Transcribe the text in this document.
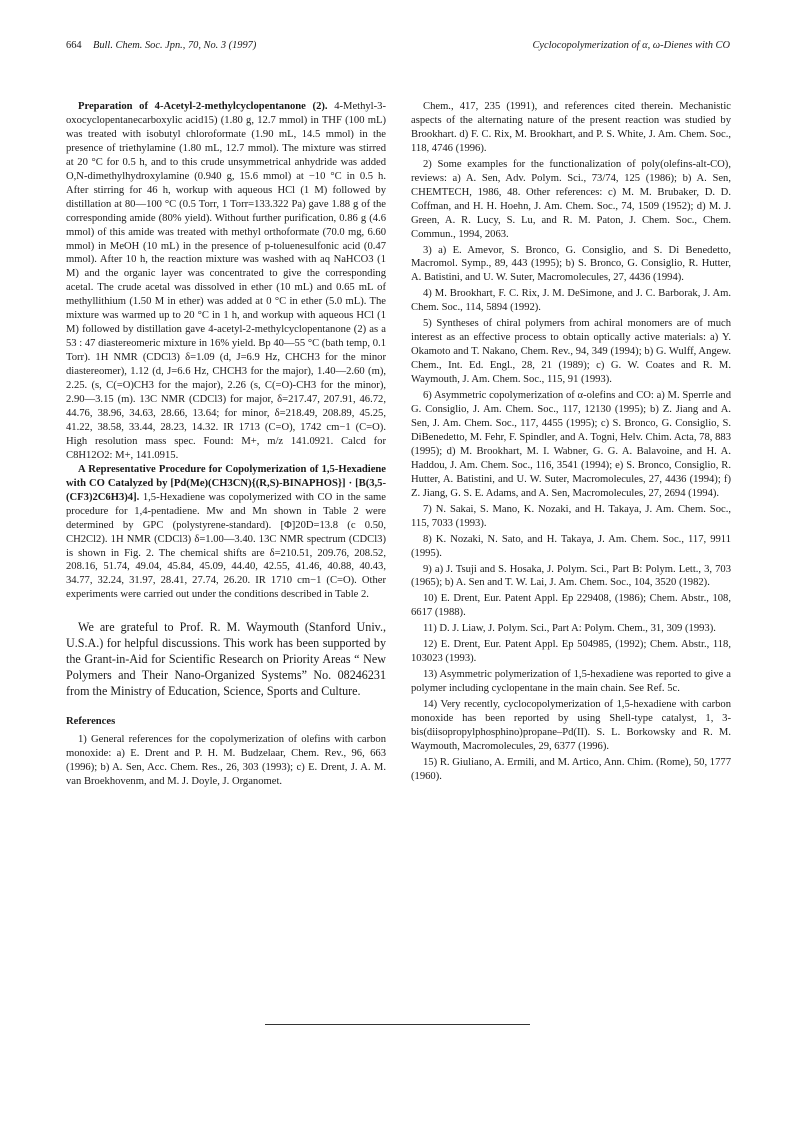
664 Bull. Chem. Soc. Jpn., 70, No. 3 (1997)	Cyclocopolymerization of α, ω-Dienes with CO

Preparation of 4-Acetyl-2-methylcyclopentanone (2). 4-Methyl-3-oxocyclopentanecarboxylic acid15) (1.80 g, 12.7 mmol) in THF (100 mL) was treated with isobutyl chloroformate (1.90 mL, 14.5 mmol) in the presence of triethylamine (1.80 mL, 12.7 mmol). The mixture was stirred at 20 °C for 0.5 h, and to this crude unsymmetrical anhydride was added O,N-dimethylhydroxylamine (0.940 g, 15.6 mmol) at −10 °C in 0.5 h. After stirring for 46 h, workup with aqueous HCl (1 M) followed by distillation at 80—100 °C (0.5 Torr, 1 Torr=133.322 Pa) gave 1.88 g of the corresponding amide (80% yield). Without further purification, 0.86 g (4.6 mmol) of this amide was treated with methyl orthoformate (70.0 mg, 6.60 mmol) in MeOH (10 mL) in the presence of p-toluenesulfonic acid (0.47 mmol). After 10 h, the reaction mixture was washed with aq NaHCO3 (1 M) and the organic layer was concentrated to give the corresponding acetal. The crude acetal was dissolved in ether (10 mL) and 0.65 mL of methyllithium (1.50 M in ether) was added at 0 °C in ether (5.0 mL). The mixture was warmed up to 20 °C in 1 h, and workup with aqueous HCl (1 M) followed by distillation gave 4-acetyl-2-methylcyclopentanone (2) as a 53 : 47 diastereomeric mixture in 16% yield. Bp 40—55 °C (bath temp, 0.1 Torr). 1H NMR (CDCl3) δ=1.09 (d, J=6.9 Hz, CHCH3 for the minor diastereomer), 1.12 (d, J=6.6 Hz, CHCH3 for the major), 1.40—2.60 (m), 2.25. (s, C(=O)CH3 for the major), 2.26 (s, C(=O)-CH3 for the minor), 2.90—3.15 (m). 13C NMR (CDCl3) for major, δ=217.47, 207.91, 46.72, 44.76, 38.96, 34.63, 28.66, 13.64; for minor, δ=218.49, 208.89, 45.25, 41.22, 38.58, 33.44, 28.23, 14.32. IR 1713 (C=O), 1742 cm−1 (C=O). High resolution mass spec. Found: M+, m/z 141.0921. Calcd for C8H12O2: M+, 141.0915.

A Representative Procedure for Copolymerization of 1,5-Hexadiene with CO Catalyzed by [Pd(Me)(CH3CN){(R,S)-BINAPHOS}] · [B(3,5-(CF3)2C6H3)4]. 1,5-Hexadiene was copolymerized with CO in the same procedure for 1,4-pentadiene. Mw and Mn shown in Table 2 were determined by GPC (polystyrene-standard). [Φ]20D=13.8 (c 0.50, CH2Cl2). 1H NMR (CDCl3) δ=1.00—3.40. 13C NMR spectrum (CDCl3) is shown in Fig. 2. The chemical shifts are δ=210.51, 209.76, 208.52, 208.16, 51.74, 49.04, 45.84, 45.09, 44.40, 42.55, 41.46, 40.88, 40.43, 34.77, 32.24, 31.97, 28.41, 27.74, 26.20. IR 1710 cm−1 (C=O). Other experiments were carried out under the conditions described in Table 2.

We are grateful to Prof. R. M. Waymouth (Stanford Univ., U.S.A.) for helpful discussions. This work has been supported by the Grant-in-Aid for Scientific Research on Priority Areas “ New Polymers and Their Nano-Organized Systems” No. 08246231 from the Ministry of Education, Science, Sports and Culture.

References

1) General references for the copolymerization of olefins with carbon monoxide: a) E. Drent and P. H. M. Budzelaar, Chem. Rev., 96, 663 (1996); b) A. Sen, Acc. Chem. Res., 26, 303 (1993); c) E. Drent, J. A. M. van Broekhovenm, and M. J. Doyle, J. Organomet.

Chem., 417, 235 (1991), and references cited therein. Mechanistic aspects of the alternating nature of the present reaction was studied by Brookhart. d) F. C. Rix, M. Brookhart, and P. S. White, J. Am. Chem. Soc., 118, 4746 (1996).

2) Some examples for the functionalization of poly(olefins-alt-CO), reviews: a) A. Sen, Adv. Polym. Sci., 73/74, 125 (1986); b) A. Sen, CHEMTECH, 1986, 48. Other references: c) M. M. Brubaker, D. D. Coffman, and H. H. Hoehn, J. Am. Chem. Soc., 74, 1509 (1952); d) M. J. Green, A. R. Lucy, S. Lu, and R. M. Paton, J. Chem. Soc., Chem. Commun., 1994, 2063.

3) a) E. Amevor, S. Bronco, G. Consiglio, and S. Di Benedetto, Macromol. Symp., 89, 443 (1995); b) S. Bronco, G. Consiglio, R. Hutter, A. Batistini, and U. W. Suter, Macromolecules, 27, 4436 (1994).

4) M. Brookhart, F. C. Rix, J. M. DeSimone, and J. C. Barborak, J. Am. Chem. Soc., 114, 5894 (1992).

5) Syntheses of chiral polymers from achiral monomers are of much interest as an effective process to obtain optically active materials: a) Y. Okamoto and T. Nakano, Chem. Rev., 94, 349 (1994); b) G. Wulff, Angew. Chem., Int. Ed. Engl., 28, 21 (1989); c) G. W. Coates and R. M. Waymouth, J. Am. Chem. Soc., 115, 91 (1993).

6) Asymmetric copolymerization of α-olefins and CO: a) M. Sperrle and G. Consiglio, J. Am. Chem. Soc., 117, 12130 (1995); b) Z. Jiang and A. Sen, J. Am. Chem. Soc., 117, 4455 (1995); c) S. Bronco, G. Consiglio, S. DiBenedetto, M. Fehr, F. Spindler, and A. Togni, Helv. Chim. Acta, 78, 883 (1995); d) M. Brookhart, M. I. Wabner, G. G. A. Balavoine, and H. A. Haddou, J. Am. Chem. Soc., 116, 3541 (1994); e) S. Bronco, Consiglio, R. Hutter, A. Batistini, and U. W. Suter, Macromolecules, 27, 4436 (1994); f) Z. Jiang, G. S. E. Adams, and A. Sen, Macromolecules, 27, 2694 (1994).

7) N. Sakai, S. Mano, K. Nozaki, and H. Takaya, J. Am. Chem. Soc., 115, 7033 (1993).

8) K. Nozaki, N. Sato, and H. Takaya, J. Am. Chem. Soc., 117, 9911 (1995).

9) a) J. Tsuji and S. Hosaka, J. Polym. Sci., Part B: Polym. Lett., 3, 703 (1965); b) A. Sen and T. W. Lai, J. Am. Chem. Soc., 104, 3520 (1982).

10) E. Drent, Eur. Patent Appl. Ep 229408, (1986); Chem. Abstr., 108, 6617 (1988).

11) D. J. Liaw, J. Polym. Sci., Part A: Polym. Chem., 31, 309 (1993).

12) E. Drent, Eur. Patent Appl. Ep 504985, (1992); Chem. Abstr., 118, 103023 (1993).

13) Asymmetric polymerization of 1,5-hexadiene was reported to give a polymer including cyclopentane in the main chain. See Ref. 5c.

14) Very recently, cyclocopolymerization of 1,5-hexadiene with carbon monoxide has been reported by using Shell-type catalyst, 1, 3-bis(diisopropylphosphino)propane–Pd(II). S. L. Borkowsky and R. M. Waymouth, Macromolecules, 29, 6377 (1996).

15) R. Giuliano, A. Ermili, and M. Artico, Ann. Chim. (Rome), 50, 1777 (1960).
